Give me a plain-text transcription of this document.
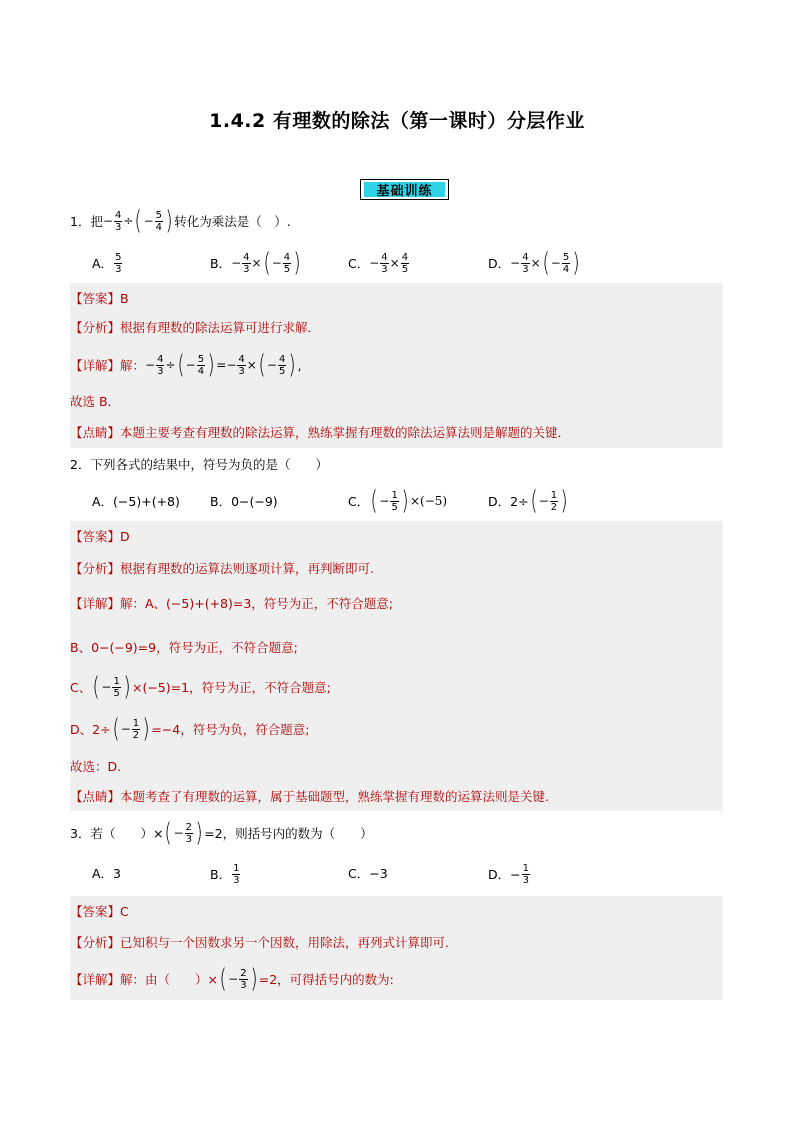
1.4.2 有理数的除法（第一课时）分层作业
基础训练
1．把 − $\frac{4}{3}$ ÷ ( − $\frac{5}{4}$ ) 转化为乘法是（　）.
A． $\frac{5}{3}$	B． − $\frac{4}{3}$ × ( − $\frac{4}{5}$ )	C． − $\frac{4}{3} \times \frac{4}{5}$	D． − $\frac{4}{3}$ × ( − $\frac{5}{4}$ )
【答案】B
【分析】根据有理数的除法运算可进行求解．
【详解】解： − $\frac{4}{3}$ ÷ ( − $\frac{5}{4}$ ) =− $\frac{4}{3}$ × ( − $\frac{4}{5}$ ) ,
故选 B．
【点睛】本题主要考查有理数的除法运算，熟练掌握有理数的除法运算法则是解题的关键．
2．下列各式的结果中，符号为负的是（　　）
A．(−5)+(+8) B．0−(−9)	C． ( − $\frac{1}{5}$ ) ×(−5)	D．2÷ ( − $\frac{1}{2}$ )
【答案】D
【分析】根据有理数的运算法则逐项计算，再判断即可.
【详解】解：A、(−5)+(+8)=3，符号为正，不符合题意;
B、0−(−9)=9，符号为正，不符合题意;
C、 ( − $\frac{1}{5}$ ) ×(−5)=1，符号为正，不符合题意;
D、2÷ ( − $\frac{1}{2}$ ) =−4，符号为负，符合题意;
故选：D.
【点睛】本题考查了有理数的运算，属于基础题型，熟练掌握有理数的运算法则是关键.
3．若（　　）× ( − $\frac{2}{3}$ ) =2，则括号内的数为（　　）
A．3	B． $\frac{1}{3}$	C．−3	D．− $\frac{1}{3}$
【答案】C
【分析】已知积与一个因数求另一个因数，用除法，再列式计算即可．
【详解】解：由（　　）× ( − $\frac{2}{3}$ ) =2，可得括号内的数为:
